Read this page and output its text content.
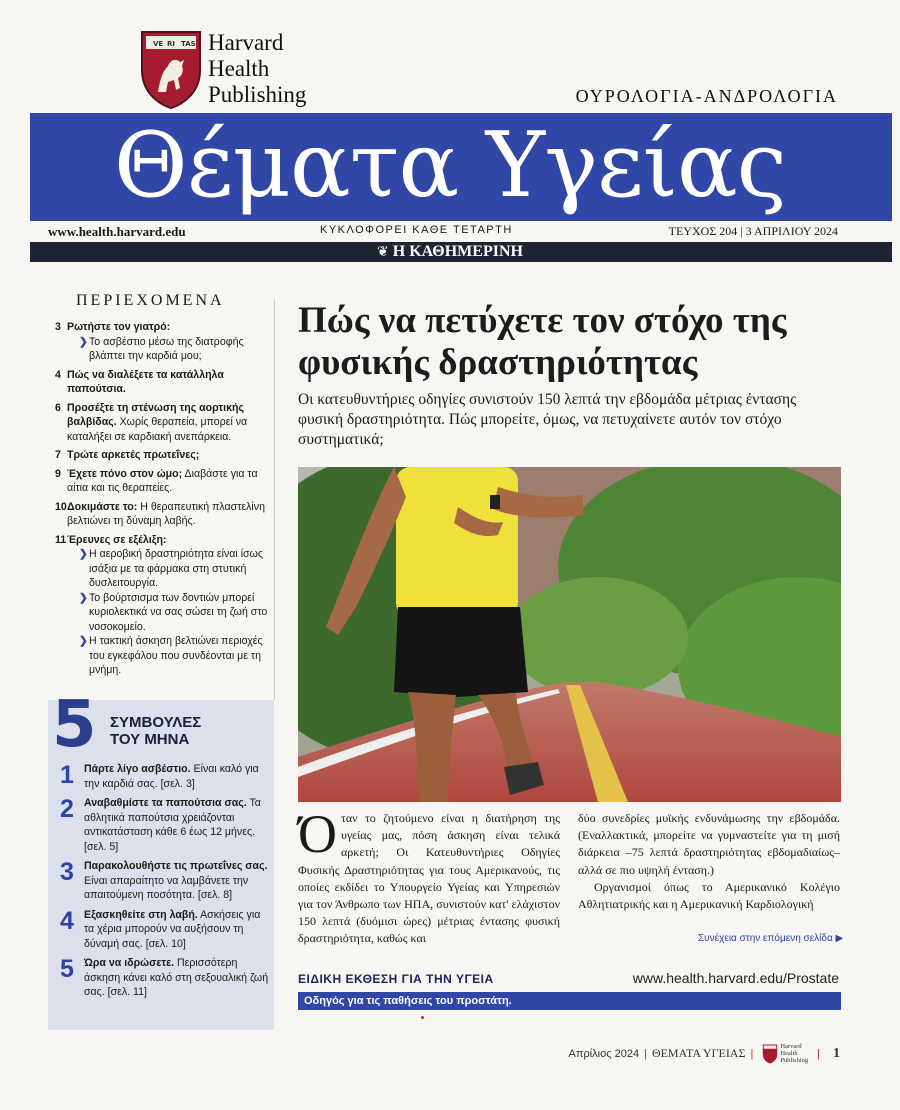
VE RI TAS Harvard
Health
Publishing	ΟΥΡΟΛΟΓΙΑ-ΑΝΔΡΟΛΟΓΙΑ
Θέματα Υγείας
www.health.harvard.edu	ΚΥΚΛΟΦΟΡΕΙ ΚΑΘΕ ΤΕΤΑΡΤΗ	ΤΕΥΧΟΣ 204 | 3 ΑΠΡΙΛΙΟΥ 2024
❦ Η ΚΑΘΗΜΕΡΙΝΗ
ΠΕΡΙΕΧΟΜΕΝΑ
3 Ρωτήστε τον γιατρό:
❯ Το ασβέστιο μέσω της διατροφής βλάπτει την καρδιά μου;
4 Πώς να διαλέξετε τα κατάλληλα παπούτσια.
6 Προσέξτε τη στένωση της αορτικής βαλβίδας. Χωρίς θεραπεία, μπορεί να καταλήξει σε καρδιακή ανεπάρκεια.
7 Τρώτε αρκετές πρωτεΐνες;
9 Έχετε πόνο στον ώμο; Διαβάστε για τα αίτια και τις θεραπείες.
10 Δοκιμάστε το: Η θεραπευτική πλαστελίνη βελτιώνει τη δύναμη λαβής.
11 Έρευνες σε εξέλιξη:
❯ Η αεροβική δραστηριότητα είναι ίσως ισάξια με τα φάρμακα στη στυτική δυσλειτουργία.
❯ Το βούρτσισμα των δοντιών μπορεί κυριολεκτικά να σας σώσει τη ζωή στο νοσοκομείο.
❯ Η τακτική άσκηση βελτιώνει περιοχές του εγκεφάλου που συνδέονται με τη μνήμη.
5 ΣΥΜΒΟΥΛΕΣ
ΤΟΥ ΜΗΝΑ
1 Πάρτε λίγο ασβέστιο. Είναι καλό για την καρδιά σας. [σελ. 3]
2 Αναβαθμίστε τα παπούτσια σας. Τα αθλητικά παπούτσια χρειάζονται αντικατάσταση κάθε 6 έως 12 μήνες. [σελ. 5]
3 Παρακολουθήστε τις πρωτεΐνες σας. Είναι απαραίτητο να λαμβάνετε την απαιτούμενη ποσότητα. [σελ. 8]
4 Εξασκηθείτε στη λαβή. Ασκήσεις για τα χέρια μπορούν να αυξήσουν τη δύναμή σας. [σελ. 10]
5 Ώρα να ιδρώσετε. Περισσότερη άσκηση κάνει καλό στη σεξουαλική ζωή σας. [σελ. 11]
Πώς να πετύχετε τον στόχο της φυσικής δραστηριότητας

Οι κατευθυντήριες οδηγίες συνιστούν 150 λεπτά την εβδομάδα μέτριας έντασης φυσική δραστηριότητα. Πώς μπορείτε, όμως, να πετυχαίνετε αυτόν τον στόχο συστηματικά;

Ό ταν το ζητούμενο είναι η διατήρηση της υγείας μας, πόση άσκηση είναι τελικά αρκετή; Οι Κατευθυντήριες Οδηγίες Φυσικής Δραστηριότητας για τους Αμερικανούς, τις οποίες εκδίδει το Υπουργείο Υγείας και Υπηρεσιών για τον Άνθρωπο των ΗΠΑ, συνιστούν κατ' ελάχιστον 150 λεπτά (δυόμισι ώρες) μέτριας έντασης φυσική δραστηριότητα, καθώς και

δύο συνεδρίες μυϊκής ενδυνάμωσης την εβδομάδα. (Εναλλακτικά, μπορείτε να γυμναστείτε για τη μισή διάρκεια –75 λεπτά δραστηριότητας εβδομαδιαίως– αλλά σε πιο υψηλή ένταση.)

Οργανισμοί όπως το Αμερικανικό Κολέγιο Αθλητιατρικής και η Αμερικανική Καρδιολογική

Συνέχεια στην επόμενη σελίδα ▶
ΕΙΔΙΚΗ ΕΚΘΕΣΗ ΓΙΑ ΤΗΝ ΥΓΕΙΑ	www.health.harvard.edu/Prostate
Οδηγός για τις παθήσεις του προστάτη.
Απρίλιος 2024 | ΘΕΜΑΤΑ ΥΓΕΙΑΣ |
Harvard
Health
Publishing
| 1
